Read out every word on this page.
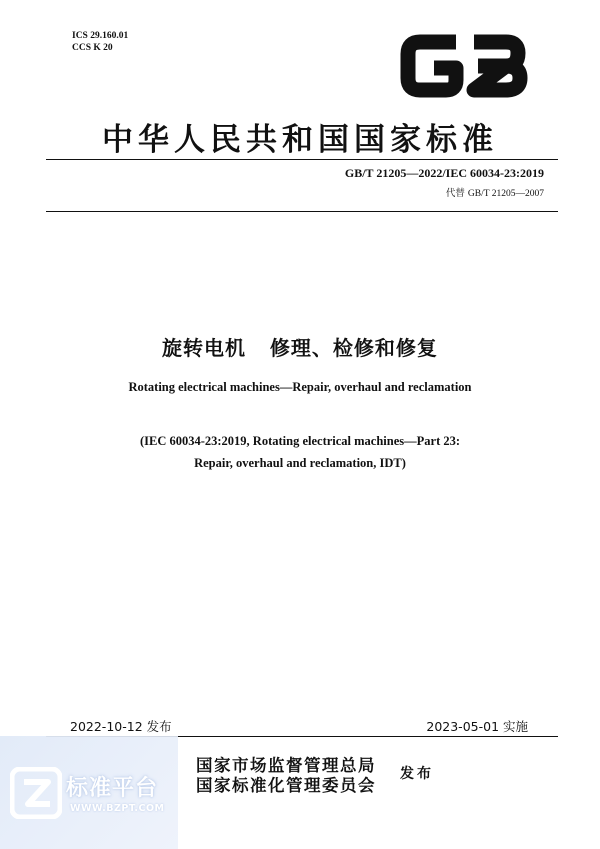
ICS 29.160.01
CCS K 20
中华人民共和国国家标准
GB/T 21205—2022/IEC 60034-23:2019
代替 GB/T 21205—2007
旋转电机   修理、检修和修复
Rotating electrical machines—Repair, overhaul and reclamation
(IEC 60034-23:2019, Rotating electrical machines—Part 23:
Repair, overhaul and reclamation, IDT)
2022-10-12 发布	2023-05-01 实施
标准平台
WWW.BZPT.COM
国家市场监督管理总局
国家标准化管理委员会
发布
